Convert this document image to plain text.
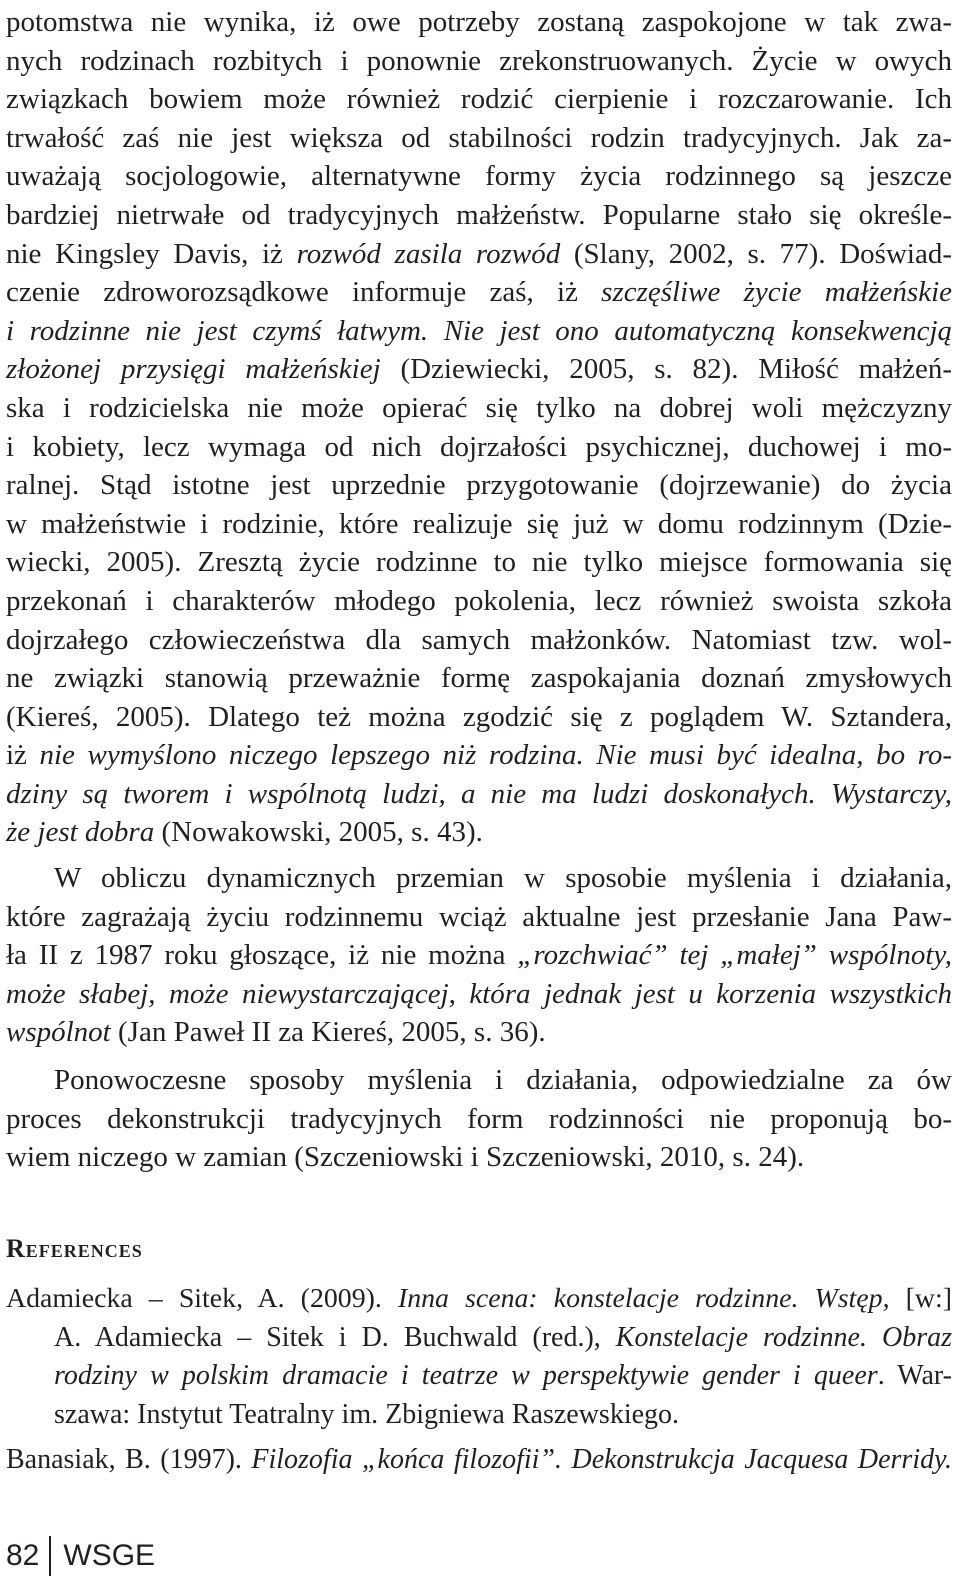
potomstwa nie wynika, iż owe potrzeby zostaną zaspokojone w tak zwa-
nych rodzinach rozbitych i ponownie zrekonstruowanych. Życie w owych
związkach bowiem może również rodzić cierpienie i rozczarowanie. Ich
trwałość zaś nie jest większa od stabilności rodzin tradycyjnych. Jak za-
uważają socjologowie, alternatywne formy życia rodzinnego są jeszcze
bardziej nietrwałe od tradycyjnych małżeństw. Popularne stało się określe-
nie Kingsley Davis, iż rozwód zasila rozwód (Slany, 2002, s. 77). Doświad-
czenie zdroworozsądkowe informuje zaś, iż szczęśliwe życie małżeńskie
i rodzinne nie jest czymś łatwym. Nie jest ono automatyczną konsekwencją
złożonej przysięgi małżeńskiej (Dziewiecki, 2005, s. 82). Miłość małżeń-
ska i rodzicielska nie może opierać się tylko na dobrej woli mężczyzny
i kobiety, lecz wymaga od nich dojrzałości psychicznej, duchowej i mo-
ralnej. Stąd istotne jest uprzednie przygotowanie (dojrzewanie) do życia
w małżeństwie i rodzinie, które realizuje się już w domu rodzinnym (Dzie-
wiecki, 2005). Zresztą życie rodzinne to nie tylko miejsce formowania się
przekonań i charakterów młodego pokolenia, lecz również swoista szkoła
dojrzałego człowieczeństwa dla samych małżonków. Natomiast tzw. wol-
ne związki stanowią przeważnie formę zaspokajania doznań zmysłowych
(Kiereś, 2005). Dlatego też można zgodzić się z poglądem W. Sztandera,
iż nie wymyślono niczego lepszego niż rodzina. Nie musi być idealna, bo ro-
dziny są tworem i wspólnotą ludzi, a nie ma ludzi doskonałych. Wystarczy,
że jest dobra (Nowakowski, 2005, s. 43).
W obliczu dynamicznych przemian w sposobie myślenia i działania,
które zagrażają życiu rodzinnemu wciąż aktualne jest przesłanie Jana Paw-
ła II z 1987 roku głoszące, iż nie można „rozchwiać” tej „małej” wspólnoty,
może słabej, może niewystarczającej, która jednak jest u korzenia wszystkich
wspólnot (Jan Paweł II za Kiereś, 2005, s. 36).
Ponowoczesne sposoby myślenia i działania, odpowiedzialne za ów
proces dekonstrukcji tradycyjnych form rodzinności nie proponują bo-
wiem niczego w zamian (Szczeniowski i Szczeniowski, 2010, s. 24).
References
Adamiecka – Sitek, A. (2009). Inna scena: konstelacje rodzinne. Wstęp, [w:]
A. Adamiecka – Sitek i D. Buchwald (red.), Konstelacje rodzinne. Obraz
rodziny w polskim dramacie i teatrze w perspektywie gender i queer. War-
szawa: Instytut Teatralny im. Zbigniewa Raszewskiego.
Banasiak, B. (1997). Filozofia „końca filozofii”. Dekonstrukcja Jacquesa Derridy.
82 WSGE
